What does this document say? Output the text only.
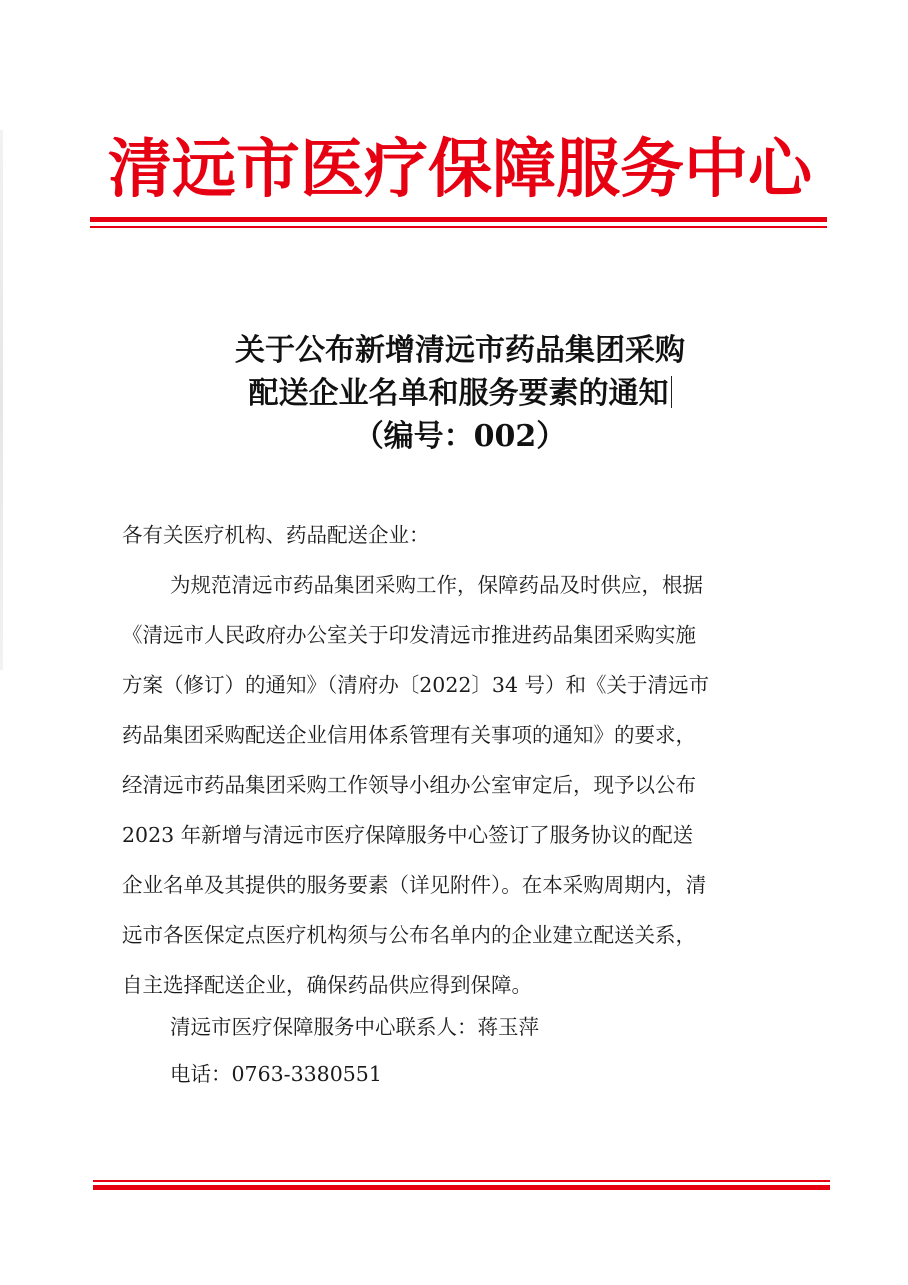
清远市医疗保障服务中心
关于公布新增清远市药品集团采购
配送企业名单和服务要素的通知
（编号：002）
各有关医疗机构、药品配送企业：
为规范清远市药品集团采购工作，保障药品及时供应，根据
《清远市人民政府办公室关于印发清远市推进药品集团采购实施
方案（修订）的通知》（清府办〔2022〕34 号）和《关于清远市
药品集团采购配送企业信用体系管理有关事项的通知》的要求，
经清远市药品集团采购工作领导小组办公室审定后，现予以公布
2023 年新增与清远市医疗保障服务中心签订了服务协议的配送
企业名单及其提供的服务要素（详见附件）。在本采购周期内，清
远市各医保定点医疗机构须与公布名单内的企业建立配送关系，
自主选择配送企业，确保药品供应得到保障。
清远市医疗保障服务中心联系人：蒋玉萍
电话：0763-3380551
